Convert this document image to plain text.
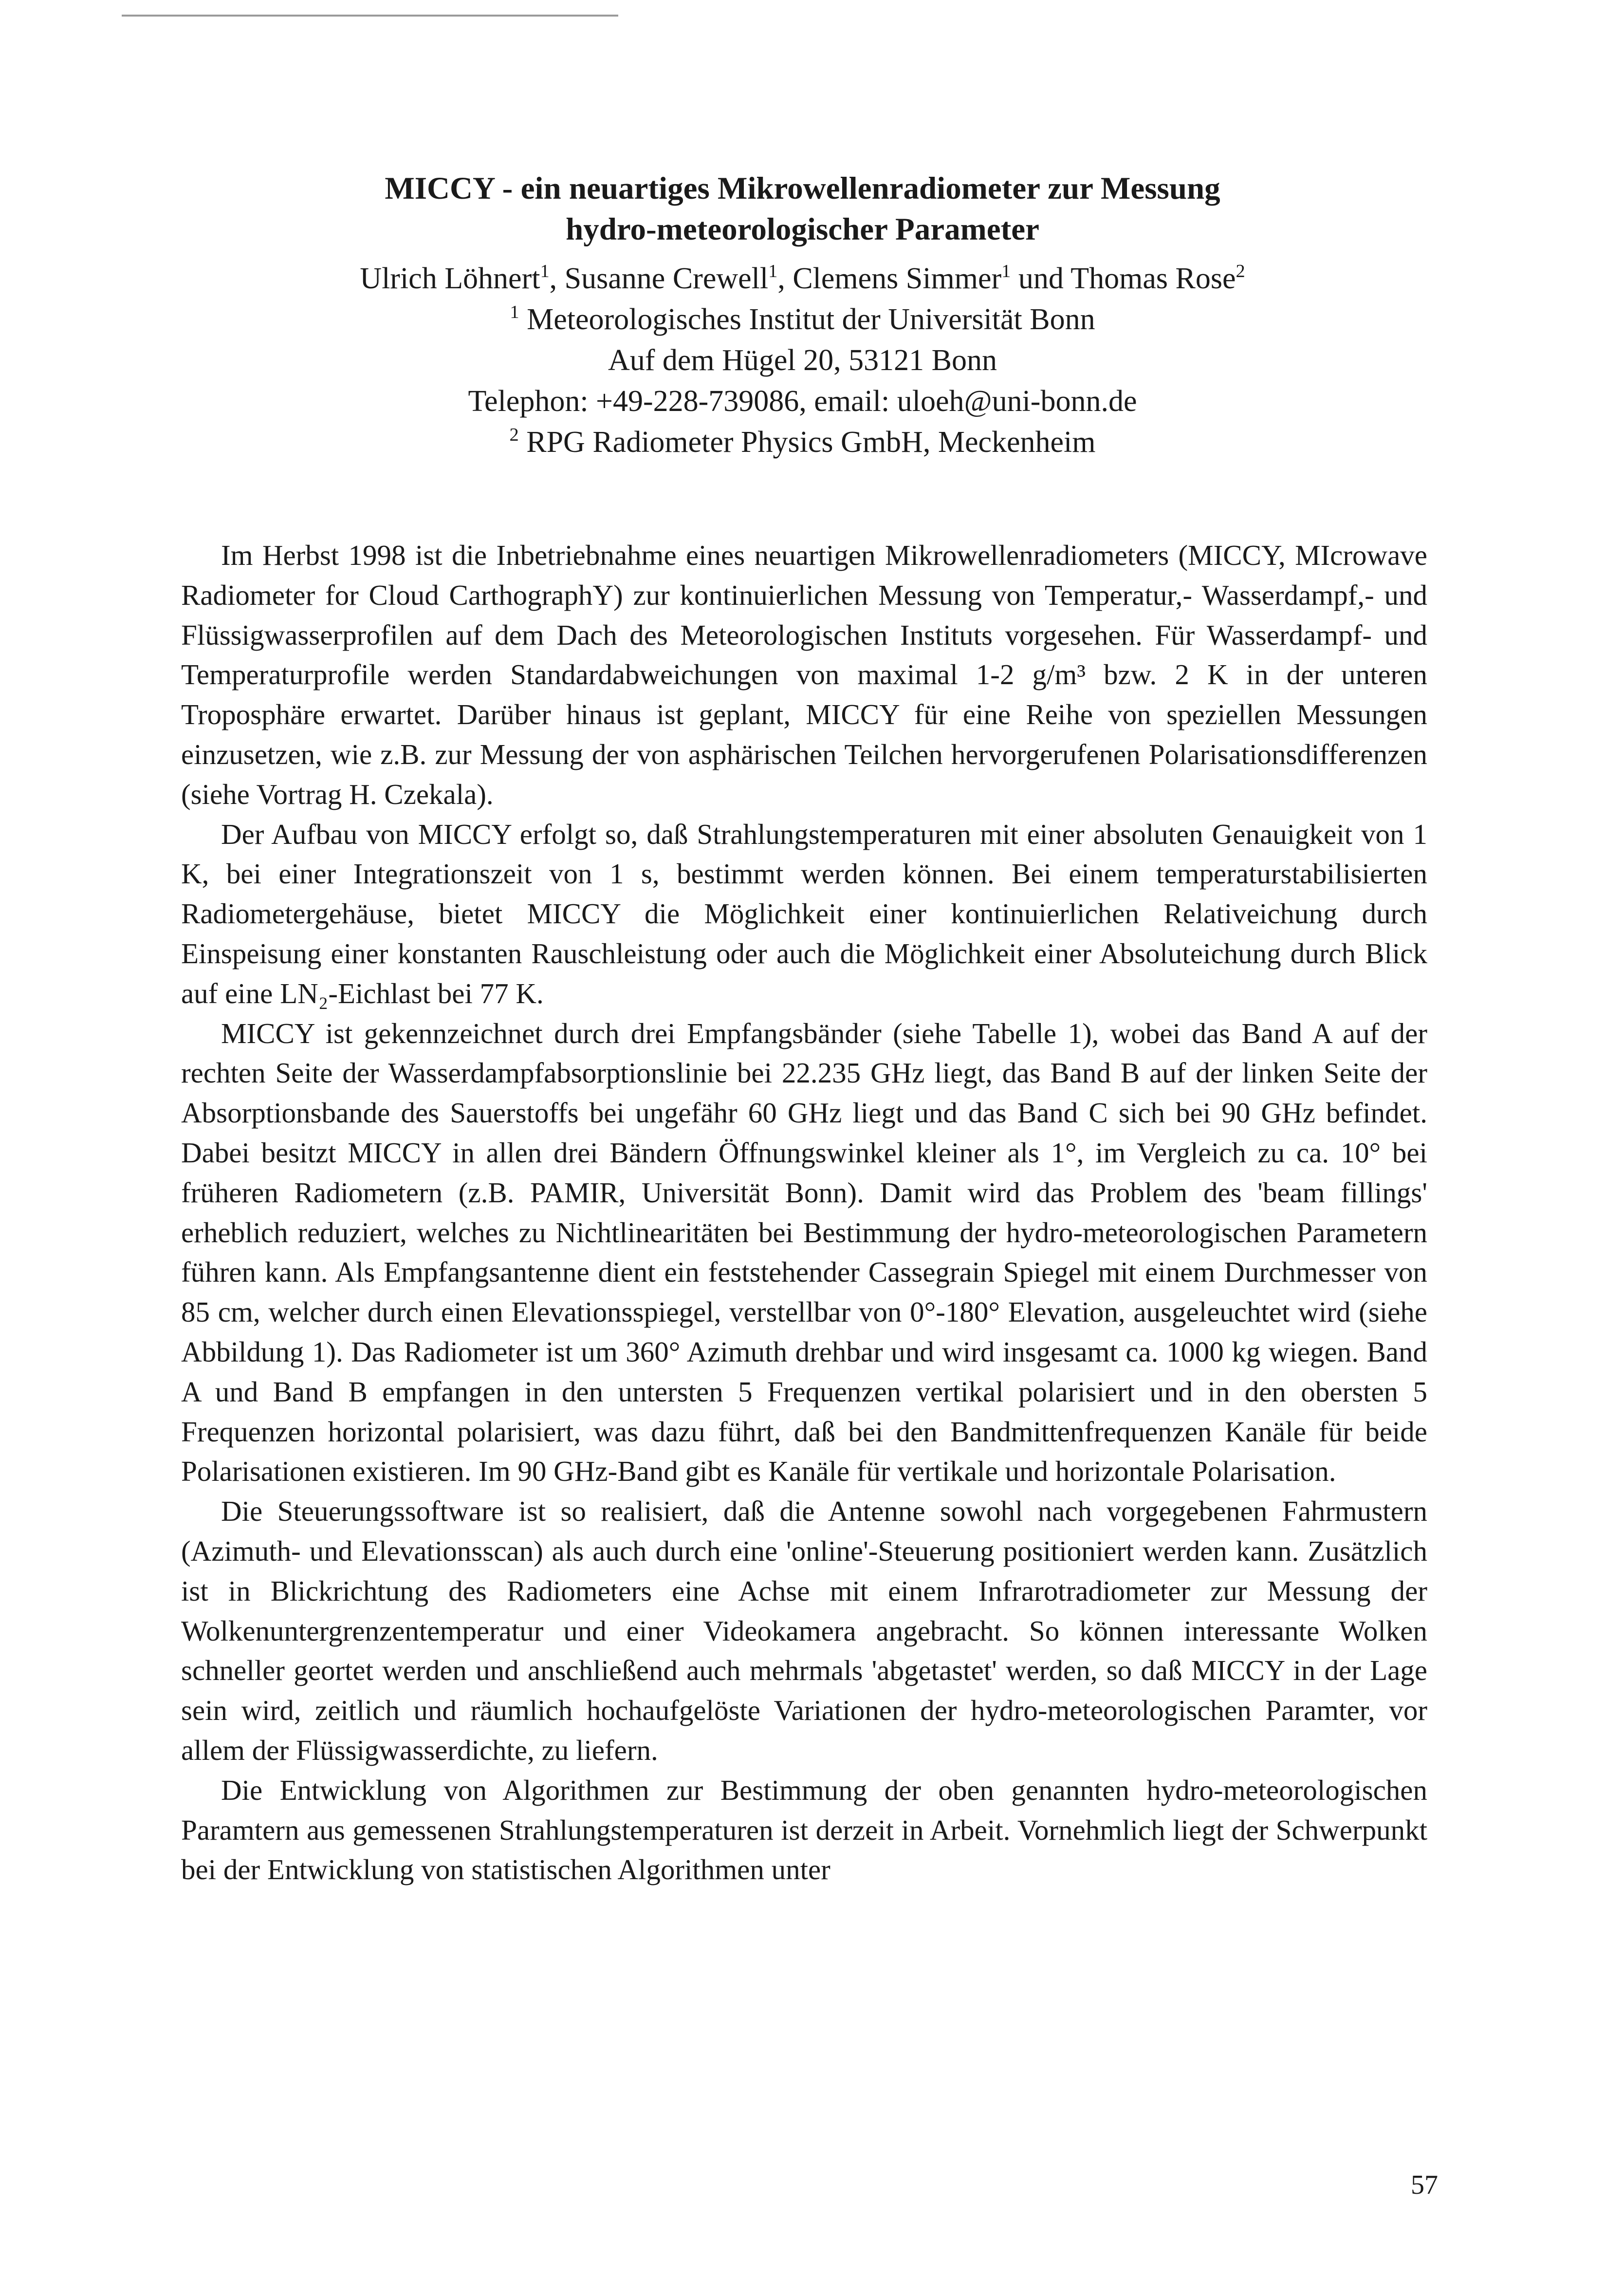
MICCY - ein neuartiges Mikrowellenradiometer zur Messung
hydro-meteorologischer Parameter
Ulrich Löhnert$^1$, Susanne Crewell$^1$, Clemens Simmer$^1$ und Thomas Rose$^2$
$^1$ Meteorologisches Institut der Universität Bonn
Auf dem Hügel 20, 53121 Bonn
Telephon: +49-228-739086, email: uloeh@uni-bonn.de
$^2$ RPG Radiometer Physics GmbH, Meckenheim

Im Herbst 1998 ist die Inbetriebnahme eines neuartigen Mikrowellenradiometers (MICCY, MIcrowave Radiometer for Cloud CarthographY) zur kontinuierlichen Messung von Temperatur,- Wasserdampf,- und Flüssigwasserprofilen auf dem Dach des Meteorologischen Instituts vorgesehen. Für Wasserdampf- und Temperaturprofile werden Standardabweichungen von maximal 1-2 g/m³ bzw. 2 K in der unteren Troposphäre erwartet. Darüber hinaus ist geplant, MICCY für eine Reihe von speziellen Messungen einzusetzen, wie z.B. zur Messung der von asphärischen Teilchen hervorgerufenen Polarisationsdifferenzen (siehe Vortrag H. Czekala).

Der Aufbau von MICCY erfolgt so, daß Strahlungstemperaturen mit einer absoluten Genauigkeit von 1 K, bei einer Integrationszeit von 1 s, bestimmt werden können. Bei einem temperaturstabilisierten Radiometergehäuse, bietet MICCY die Möglichkeit einer kontinuierlichen Relativeichung durch Einspeisung einer konstanten Rauschleistung oder auch die Möglichkeit einer Absoluteichung durch Blick auf eine LN₂-Eichlast bei 77 K.

MICCY ist gekennzeichnet durch drei Empfangsbänder (siehe Tabelle 1), wobei das Band A auf der rechten Seite der Wasserdampfabsorptionslinie bei 22.235 GHz liegt, das Band B auf der linken Seite der Absorptionsbande des Sauerstoffs bei ungefähr 60 GHz liegt und das Band C sich bei 90 GHz befindet. Dabei besitzt MICCY in allen drei Bändern Öffnungswinkel kleiner als 1°, im Vergleich zu ca. 10° bei früheren Radiometern (z.B. PAMIR, Universität Bonn). Damit wird das Problem des 'beam fillings' erheblich reduziert, welches zu Nichtlinearitäten bei Bestimmung der hydro-meteorologischen Parametern führen kann. Als Empfangsantenne dient ein feststehender Cassegrain Spiegel mit einem Durchmesser von 85 cm, welcher durch einen Elevationsspiegel, verstellbar von 0°-180° Elevation, ausgeleuchtet wird (siehe Abbildung 1). Das Radiometer ist um 360° Azimuth drehbar und wird insgesamt ca. 1000 kg wiegen. Band A und Band B empfangen in den untersten 5 Frequenzen vertikal polarisiert und in den obersten 5 Frequenzen horizontal polarisiert, was dazu führt, daß bei den Bandmittenfrequenzen Kanäle für beide Polarisationen existieren. Im 90 GHz-Band gibt es Kanäle für vertikale und horizontale Polarisation.

Die Steuerungssoftware ist so realisiert, daß die Antenne sowohl nach vorgegebenen Fahrmustern (Azimuth- und Elevationsscan) als auch durch eine 'online'-Steuerung positioniert werden kann. Zusätzlich ist in Blickrichtung des Radiometers eine Achse mit einem Infrarotradiometer zur Messung der Wolkenuntergrenzentemperatur und einer Videokamera angebracht. So können interessante Wolken schneller geortet werden und anschließend auch mehrmals 'abgetastet' werden, so daß MICCY in der Lage sein wird, zeitlich und räumlich hochaufgelöste Variationen der hydro-meteorologischen Paramter, vor allem der Flüssigwasserdichte, zu liefern.

Die Entwicklung von Algorithmen zur Bestimmung der oben genannten hydro-meteorologischen Paramtern aus gemessenen Strahlungstemperaturen ist derzeit in Arbeit. Vornehmlich liegt der Schwerpunkt bei der Entwicklung von statistischen Algorithmen unter

57
